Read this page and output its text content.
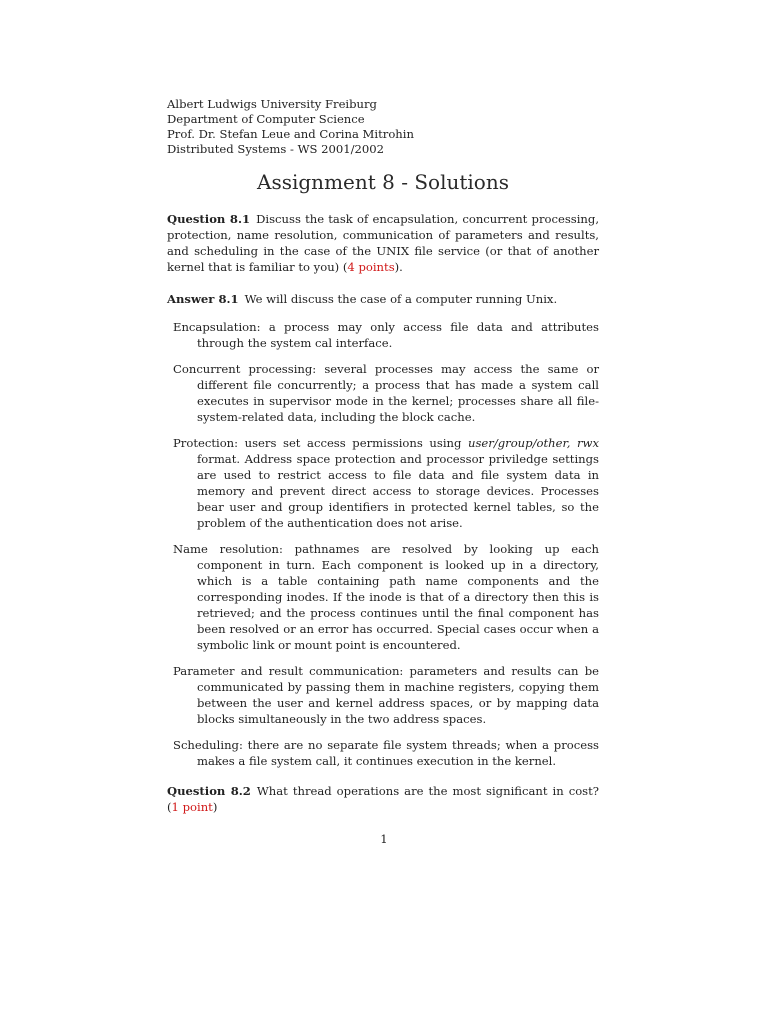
Albert Ludwigs University Freiburg
Department of Computer Science
Prof. Dr. Stefan Leue and Corina Mitrohin
Distributed Systems - WS 2001/2002
Assignment 8 - Solutions

Question 8.1 Discuss the task of encapsulation, concurrent processing, protection, name resolution, communication of parameters and results, and scheduling in the case of the UNIX file service (or that of another kernel that is familiar to you) (4 points).

Answer 8.1 We will discuss the case of a computer running Unix.

Encapsulation: a process may only access file data and attributes through the system cal interface.

Concurrent processing: several processes may access the same or different file concurrently; a process that has made a system call executes in supervisor mode in the kernel; processes share all file-system-related data, including the block cache.

Protection: users set access permissions using user/group/other, rwx format. Address space protection and processor priviledge settings are used to restrict access to file data and file system data in memory and prevent direct access to storage devices. Processes bear user and group identifiers in protected kernel tables, so the problem of the authentication does not arise.

Name resolution: pathnames are resolved by looking up each component in turn. Each component is looked up in a directory, which is a table containing path name components and the corresponding inodes. If the inode is that of a directory then this is retrieved; and the process continues until the final component has been resolved or an error has occurred. Special cases occur when a symbolic link or mount point is encountered.

Parameter and result communication: parameters and results can be communicated by passing them in machine registers, copying them between the user and kernel address spaces, or by mapping data blocks simultaneously in the two address spaces.

Scheduling: there are no separate file system threads; when a process makes a file system call, it continues execution in the kernel.

Question 8.2 What thread operations are the most significant in cost? (1 point)

1
